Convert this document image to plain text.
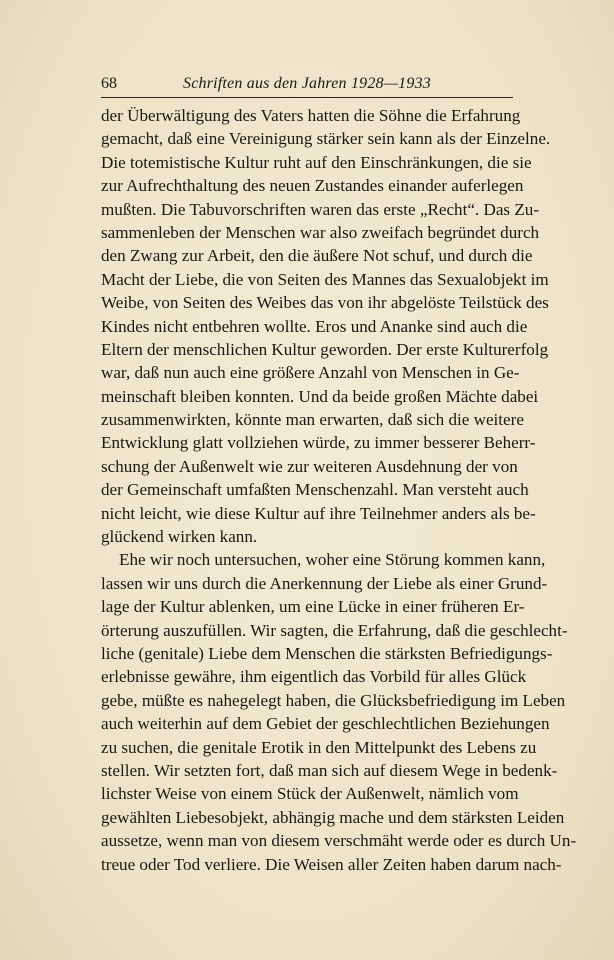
68	Schriften aus den Jahren 1928—1933
der Überwältigung des Vaters hatten die Söhne die Erfahrung
gemacht, daß eine Vereinigung stärker sein kann als der Einzelne.
Die totemistische Kultur ruht auf den Einschränkungen, die sie
zur Aufrechthaltung des neuen Zustandes einander auferlegen
mußten. Die Tabuvorschriften waren das erste „Recht“. Das Zu-
sammenleben der Menschen war also zweifach begründet durch
den Zwang zur Arbeit, den die äußere Not schuf, und durch die
Macht der Liebe, die von Seiten des Mannes das Sexualobjekt im
Weibe, von Seiten des Weibes das von ihr abgelöste Teilstück des
Kindes nicht entbehren wollte. Eros und Ananke sind auch die
Eltern der menschlichen Kultur geworden. Der erste Kulturerfolg
war, daß nun auch eine größere Anzahl von Menschen in Ge-
meinschaft bleiben konnten. Und da beide großen Mächte dabei
zusammenwirkten, könnte man erwarten, daß sich die weitere
Entwicklung glatt vollziehen würde, zu immer besserer Beherr-
schung der Außenwelt wie zur weiteren Ausdehnung der von
der Gemeinschaft umfaßten Menschenzahl. Man versteht auch
nicht leicht, wie diese Kultur auf ihre Teilnehmer anders als be-
glückend wirken kann.
Ehe wir noch untersuchen, woher eine Störung kommen kann,
lassen wir uns durch die Anerkennung der Liebe als einer Grund-
lage der Kultur ablenken, um eine Lücke in einer früheren Er-
örterung auszufüllen. Wir sagten, die Erfahrung, daß die geschlecht-
liche (genitale) Liebe dem Menschen die stärksten Befriedigungs-
erlebnisse gewähre, ihm eigentlich das Vorbild für alles Glück
gebe, müßte es nahegelegt haben, die Glücksbefriedigung im Leben
auch weiterhin auf dem Gebiet der geschlechtlichen Beziehungen
zu suchen, die genitale Erotik in den Mittelpunkt des Lebens zu
stellen. Wir setzten fort, daß man sich auf diesem Wege in bedenk-
lichster Weise von einem Stück der Außenwelt, nämlich vom
gewählten Liebesobjekt, abhängig mache und dem stärksten Leiden
aussetze, wenn man von diesem verschmäht werde oder es durch Un-
treue oder Tod verliere. Die Weisen aller Zeiten haben darum nach-
